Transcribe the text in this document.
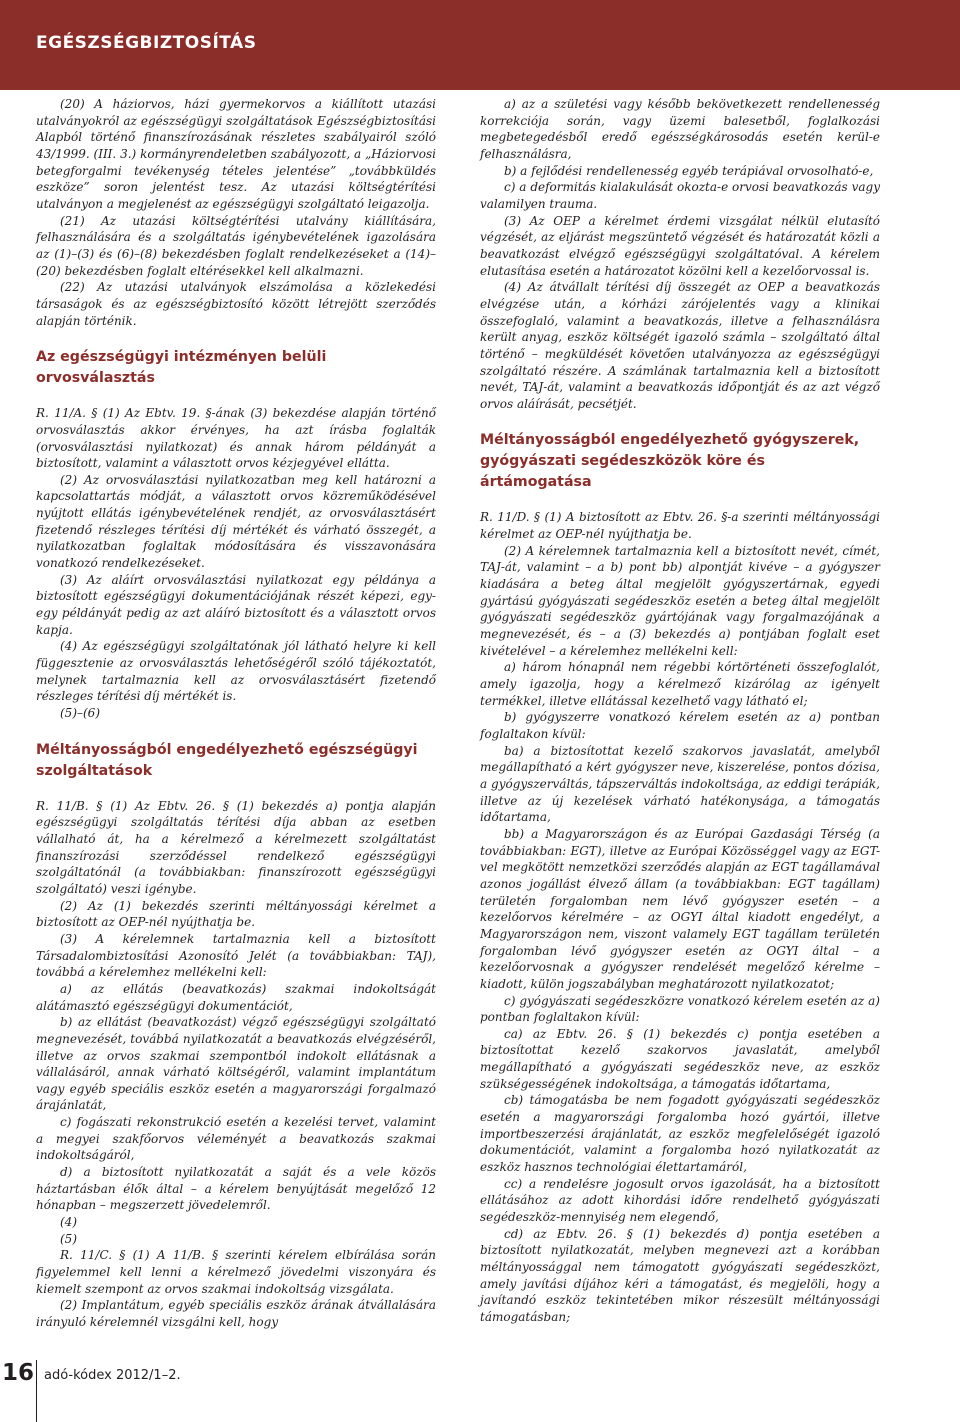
EGÉSZSÉGBIZTOSÍTÁS

(20) A háziorvos, házi gyermekorvos a kiállított utazási utalványokról az egészségügyi szolgáltatások Egészségbiztosítási Alapból történő finanszírozásának részletes szabályairól szóló 43/1999. (III. 3.) kormányrendeletben szabályozott, a „Háziorvosi betegforgalmi tevékenység tételes jelentése” „továbbküldés eszköze” soron jelentést tesz. Az utazási költségtérítési utalványon a megjelenést az egészségügyi szolgáltató leigazolja.

(21) Az utazási költségtérítési utalvány kiállítására, felhasználására és a szolgáltatás igénybevételének igazolására az (1)–(3) és (6)–(8) bekezdésben foglalt rendelkezéseket a (14)–(20) bekezdésben foglalt eltérésekkel kell alkalmazni.

(22) Az utazási utalványok elszámolása a közlekedési társaságok és az egészségbiztosító között létrejött szerződés alapján történik.

Az egészségügyi intézményen belüli orvosválasztás

R. 11/A. § (1) Az Ebtv. 19. §-ának (3) bekezdése alapján történő orvosválasztás akkor érvényes, ha azt írásba foglalták (orvosválasztási nyilatkozat) és annak három példányát a biztosított, valamint a választott orvos kézjegyével ellátta.

(2) Az orvosválasztási nyilatkozatban meg kell határozni a kapcsolattartás módját, a választott orvos közreműködésével nyújtott ellátás igénybevételének rendjét, az orvosválasztásért fizetendő részleges térítési díj mértékét és várható összegét, a nyilatkozatban foglaltak módosítására és visszavonására vonatkozó rendelkezéseket.

(3) Az aláírt orvosválasztási nyilatkozat egy példánya a biztosított egészségügyi dokumentációjának részét képezi, egy-egy példányát pedig az azt aláíró biztosított és a választott orvos kapja.

(4) Az egészségügyi szolgáltatónak jól látható helyre ki kell függesztenie az orvosválasztás lehetőségéről szóló tájékoztatót, melynek tartalmaznia kell az orvosválasztásért fizetendő részleges térítési díj mértékét is.

(5)–(6)

Méltányosságból engedélyezhető egészségügyi szolgáltatások

R. 11/B. § (1) Az Ebtv. 26. § (1) bekezdés a) pontja alapján egészségügyi szolgáltatás térítési díja abban az esetben vállalható át, ha a kérelmező a kérelmezett szolgáltatást finanszírozási szerződéssel rendelkező egészségügyi szolgáltatónál (a továbbiakban: finanszírozott egészségügyi szolgáltató) veszi igénybe.

(2) Az (1) bekezdés szerinti méltányossági kérelmet a biztosított az OEP-nél nyújthatja be.

(3) A kérelemnek tartalmaznia kell a biztosított Társadalombiztosítási Azonosító Jelét (a továbbiakban: TAJ), továbbá a kérelemhez mellékelni kell:

a) az ellátás (beavatkozás) szakmai indokoltságát alátámasztó egészségügyi dokumentációt,

b) az ellátást (beavatkozást) végző egészségügyi szolgáltató megnevezését, továbbá nyilatkozatát a beavatkozás elvégzéséről, illetve az orvos szakmai szempontból indokolt ellátásnak a vállalásáról, annak várható költségéről, valamint implantátum vagy egyéb speciális eszköz esetén a magyarországi forgalmazó árajánlatát,

c) fogászati rekonstrukció esetén a kezelési tervet, valamint a megyei szakfőorvos véleményét a beavatkozás szakmai indokoltságáról,

d) a biztosított nyilatkozatát a saját és a vele közös háztartásban élők által – a kérelem benyújtását megelőző 12 hónapban – megszerzett jövedelemről.

(4)

(5)

R. 11/C. § (1) A 11/B. § szerinti kérelem elbírálása során figyelemmel kell lenni a kérelmező jövedelmi viszonyára és kiemelt szempont az orvos szakmai indokoltság vizsgálata.

(2) Implantátum, egyéb speciális eszköz árának átvállalására irányuló kérelemnél vizsgálni kell, hogy

a) az a születési vagy később bekövetkezett rendellenesség korrekciója során, vagy üzemi balesetből, foglalkozási megbetegedésből eredő egészségkárosodás esetén kerül-e felhasználásra,

b) a fejlődési rendellenesség egyéb terápiával orvosolható-e,

c) a deformitás kialakulását okozta-e orvosi beavatkozás vagy valamilyen trauma.

(3) Az OEP a kérelmet érdemi vizsgálat nélkül elutasító végzését, az eljárást megszüntető végzését és határozatát közli a beavatkozást elvégző egészségügyi szolgáltatóval. A kérelem elutasítása esetén a határozatot közölni kell a kezelőorvossal is.

(4) Az átvállalt térítési díj összegét az OEP a beavatkozás elvégzése után, a kórházi zárójelentés vagy a klinikai összefoglaló, valamint a beavatkozás, illetve a felhasználásra került anyag, eszköz költségét igazoló számla – szolgáltató által történő – megküldését követően utalványozza az egészségügyi szolgáltató részére. A számlának tartalmaznia kell a biztosított nevét, TAJ-át, valamint a beavatkozás időpontját és az azt végző orvos aláírását, pecsétjét.

Méltányosságból engedélyezhető gyógyszerek, gyógyászati segédeszközök köre és ártámogatása

R. 11/D. § (1) A biztosított az Ebtv. 26. §-a szerinti méltányossági kérelmet az OEP-nél nyújthatja be.

(2) A kérelemnek tartalmaznia kell a biztosított nevét, címét, TAJ-át, valamint – a b) pont bb) alpontját kivéve – a gyógyszer kiadására a beteg által megjelölt gyógyszertárnak, egyedi gyártású gyógyászati segédeszköz esetén a beteg által megjelölt gyógyászati segédeszköz gyártójának vagy forgalmazójának a megnevezését, és – a (3) bekezdés a) pontjában foglalt eset kivételével – a kérelemhez mellékelni kell:

a) három hónapnál nem régebbi kórtörténeti összefoglalót, amely igazolja, hogy a kérelmező kizárólag az igényelt termékkel, illetve ellátással kezelhető vagy látható el;

b) gyógyszerre vonatkozó kérelem esetén az a) pontban foglaltakon kívül:

ba) a biztosítottat kezelő szakorvos javaslatát, amelyből megállapítható a kért gyógyszer neve, kiszerelése, pontos dózisa, a gyógyszerváltás, tápszerváltás indokoltsága, az eddigi terápiák, illetve az új kezelések várható hatékonysága, a támogatás időtartama,

bb) a Magyarországon és az Európai Gazdasági Térség (a továbbiakban: EGT), illetve az Európai Közösséggel vagy az EGT-vel megkötött nemzetközi szerződés alapján az EGT tagállamával azonos jogállást élvező állam (a továbbiakban: EGT tagállam) területén forgalomban nem lévő gyógyszer esetén – a kezelőorvos kérelmére – az OGYI által kiadott engedélyt, a Magyarországon nem, viszont valamely EGT tagállam területén forgalomban lévő gyógyszer esetén az OGYI által – a kezelőorvosnak a gyógyszer rendelését megelőző kérelme – kiadott, külön jogszabályban meghatározott nyilatkozatot;

c) gyógyászati segédeszközre vonatkozó kérelem esetén az a) pontban foglaltakon kívül:

ca) az Ebtv. 26. § (1) bekezdés c) pontja esetében a biztosítottat kezelő szakorvos javaslatát, amelyből megállapítható a gyógyászati segédeszköz neve, az eszköz szükségességének indokoltsága, a támogatás időtartama,

cb) támogatásba be nem fogadott gyógyászati segédeszköz esetén a magyarországi forgalomba hozó gyártói, illetve importbeszerzési árajánlatát, az eszköz megfelelőségét igazoló dokumentációt, valamint a forgalomba hozó nyilatkozatát az eszköz hasznos technológiai élettartamáról,

cc) a rendelésre jogosult orvos igazolását, ha a biztosított ellátásához az adott kihordási időre rendelhető gyógyászati segédeszköz-mennyiség nem elegendő,

cd) az Ebtv. 26. § (1) bekezdés d) pontja esetében a biztosított nyilatkozatát, melyben megnevezi azt a korábban méltányossággal nem támogatott gyógyászati segédeszközt, amely javítási díjához kéri a támogatást, és megjelöli, hogy a javítandó eszköz tekintetében mikor részesült méltányossági támogatásban;

16 adó-kódex 2012/1–2.
